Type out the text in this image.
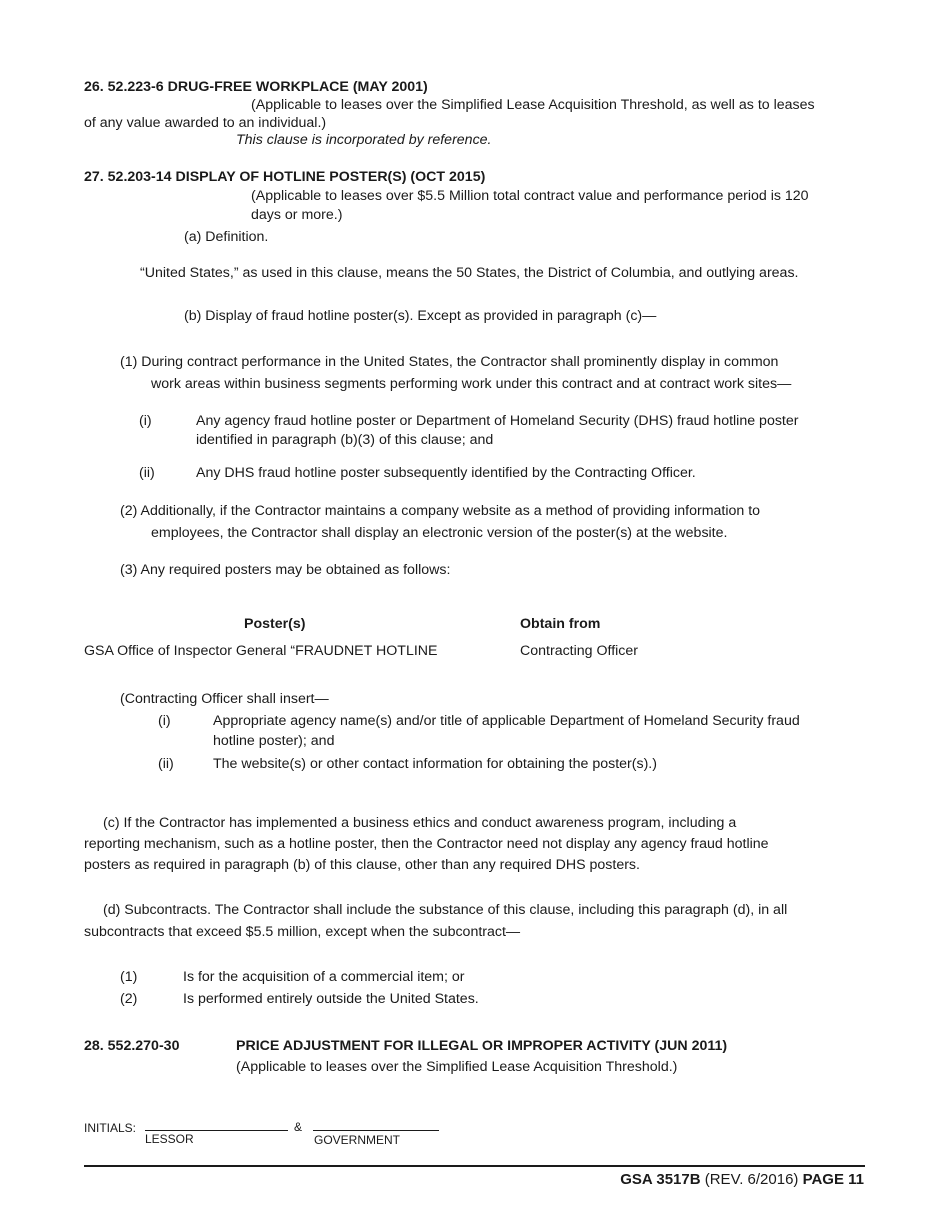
26. 52.223-6 DRUG-FREE WORKPLACE (MAY 2001)
(Applicable to leases over the Simplified Lease Acquisition Threshold, as well as to leases
of any value awarded to an individual.)
This clause is incorporated by reference.
27. 52.203-14 DISPLAY OF HOTLINE POSTER(S) (OCT 2015)
(Applicable to leases over $5.5 Million total contract value and performance period is 120
days or more.)
(a) Definition.
“United States,” as used in this clause, means the 50 States, the District of Columbia, and outlying areas.
(b) Display of fraud hotline poster(s). Except as provided in paragraph (c)—
(1) During contract performance in the United States, the Contractor shall prominently display in common
work areas within business segments performing work under this contract and at contract work sites—
(i)	Any agency fraud hotline poster or Department of Homeland Security (DHS) fraud hotline poster
identified in paragraph (b)(3) of this clause; and
(ii)	Any DHS fraud hotline poster subsequently identified by the Contracting Officer.
(2) Additionally, if the Contractor maintains a company website as a method of providing information to
employees, the Contractor shall display an electronic version of the poster(s) at the website.
(3) Any required posters may be obtained as follows:
Poster(s)	Obtain from
GSA Office of Inspector General “FRAUDNET HOTLINE	Contracting Officer
(Contracting Officer shall insert—
(i)	Appropriate agency name(s) and/or title of applicable Department of Homeland Security fraud
hotline poster); and
(ii)	The website(s) or other contact information for obtaining the poster(s).)
(c) If the Contractor has implemented a business ethics and conduct awareness program, including a
reporting mechanism, such as a hotline poster, then the Contractor need not display any agency fraud hotline
posters as required in paragraph (b) of this clause, other than any required DHS posters.
(d) Subcontracts. The Contractor shall include the substance of this clause, including this paragraph (d), in all
subcontracts that exceed $5.5 million, except when the subcontract—
(1)	Is for the acquisition of a commercial item; or
(2)	Is performed entirely outside the United States.
28. 552.270-30	PRICE ADJUSTMENT FOR ILLEGAL OR IMPROPER ACTIVITY (JUN 2011)
(Applicable to leases over the Simplified Lease Acquisition Threshold.)
INITIALS:
LESSOR
&
GOVERNMENT
GSA 3517B (REV. 6/2016) PAGE 11
